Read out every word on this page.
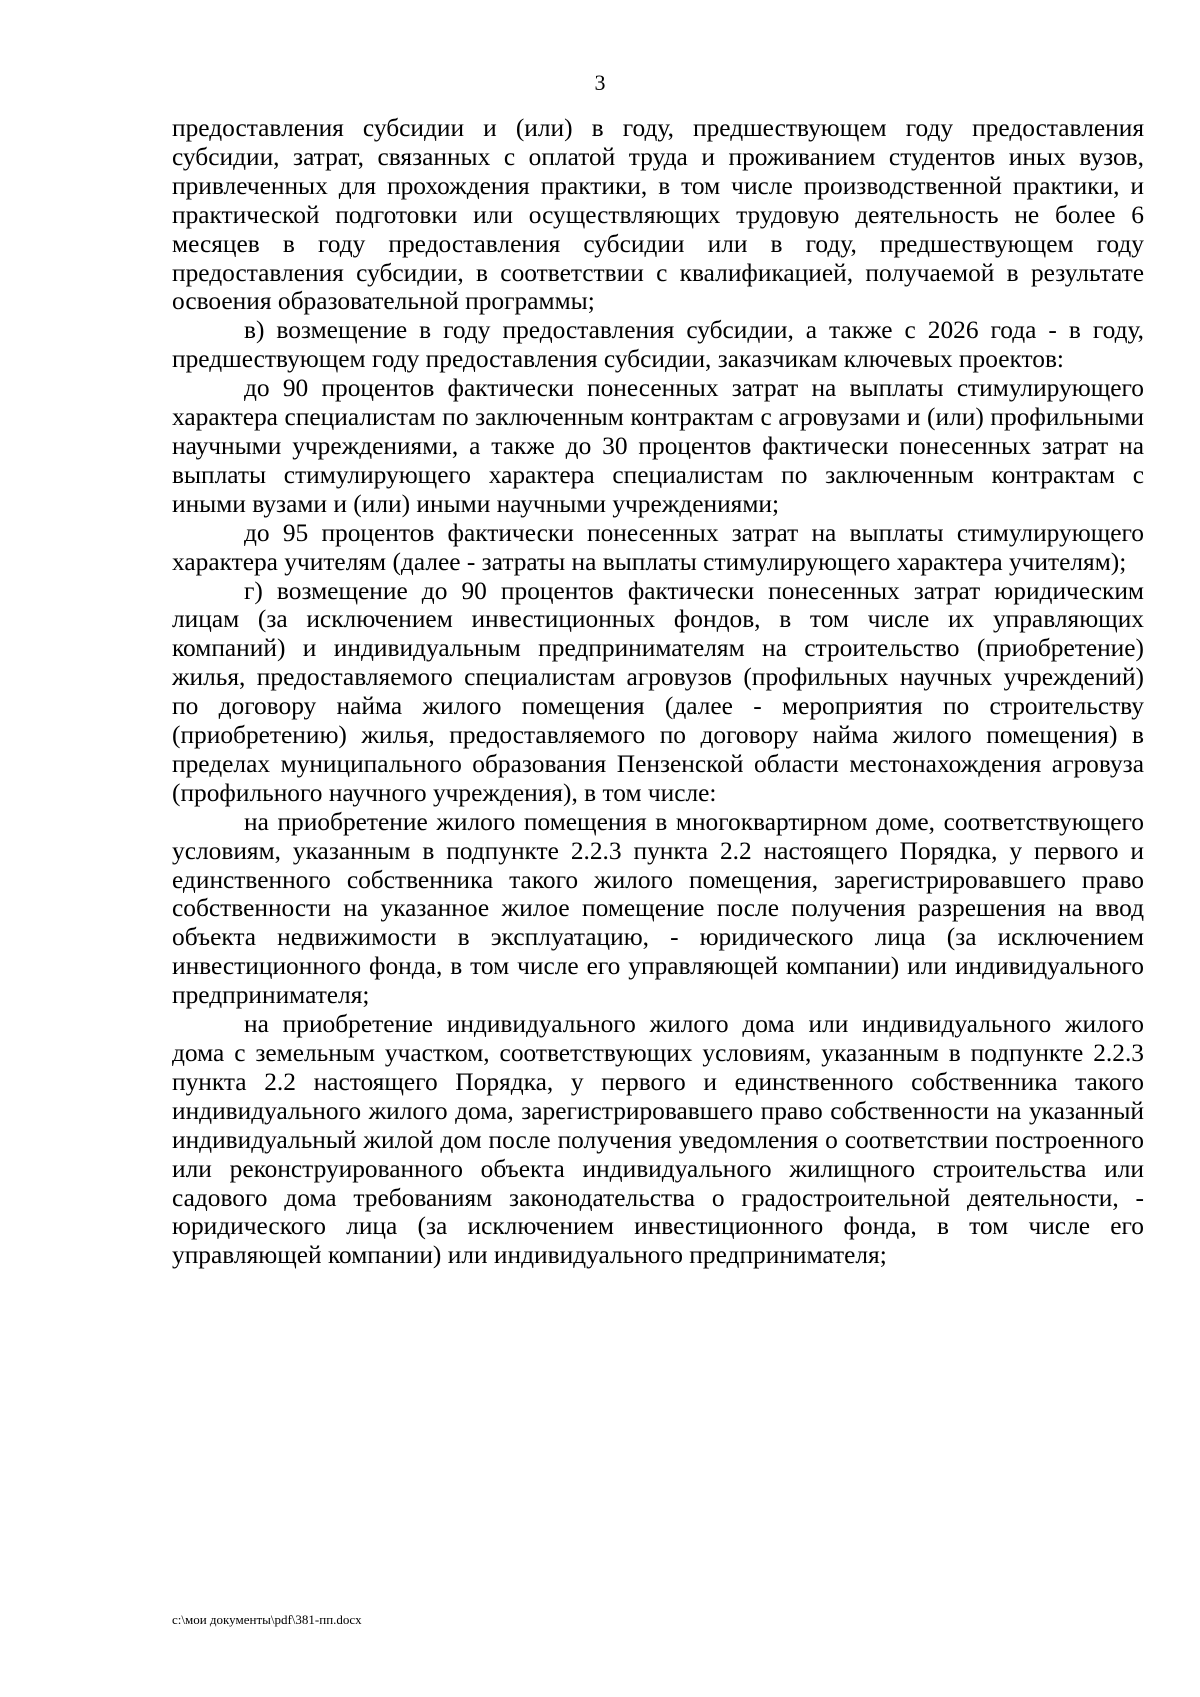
3

предоставления субсидии и (или) в году, предшествующем году предоставления субсидии, затрат, связанных с оплатой труда и проживанием студентов иных вузов, привлеченных для прохождения практики, в том числе производственной практики, и практической подготовки или осуществляющих трудовую деятельность не более 6 месяцев в году предоставления субсидии или в году, предшествующем году предоставления субсидии, в соответствии с квалификацией, получаемой в результате освоения образовательной программы;

в) возмещение в году предоставления субсидии, а также с 2026 года - в году, предшествующем году предоставления субсидии, заказчикам ключевых проектов:

до 90 процентов фактически понесенных затрат на выплаты стимулирующего характера специалистам по заключенным контрактам с агровузами и (или) профильными научными учреждениями, а также до 30 процентов фактически понесенных затрат на выплаты стимулирующего характера специалистам по заключенным контрактам с иными вузами и (или) иными научными учреждениями;

до 95 процентов фактически понесенных затрат на выплаты стимулирующего характера учителям (далее - затраты на выплаты стимулирующего характера учителям);

г) возмещение до 90 процентов фактически понесенных затрат юридическим лицам (за исключением инвестиционных фондов, в том числе их управляющих компаний) и индивидуальным предпринимателям на строительство (приобретение) жилья, предоставляемого специалистам агровузов (профильных научных учреждений) по договору найма жилого помещения (далее - мероприятия по строительству (приобретению) жилья, предоставляемого по договору найма жилого помещения) в пределах муниципального образования Пензенской области местонахождения агровуза (профильного научного учреждения), в том числе:

на приобретение жилого помещения в многоквартирном доме, соответствующего условиям, указанным в подпункте 2.2.3 пункта 2.2 настоящего Порядка, у первого и единственного собственника такого жилого помещения, зарегистрировавшего право собственности на указанное жилое помещение после получения разрешения на ввод объекта недвижимости в эксплуатацию, - юридического лица (за исключением инвестиционного фонда, в том числе его управляющей компании) или индивидуального предпринимателя;

на приобретение индивидуального жилого дома или индивидуального жилого дома с земельным участком, соответствующих условиям, указанным в подпункте 2.2.3 пункта 2.2 настоящего Порядка, у первого и единственного собственника такого индивидуального жилого дома, зарегистрировавшего право собственности на указанный индивидуальный жилой дом после получения уведомления о соответствии построенного или реконструированного объекта индивидуального жилищного строительства или садового дома требованиям законодательства о градостроительной деятельности, - юридического лица (за исключением инвестиционного фонда, в том числе его управляющей компании) или индивидуального предпринимателя;

c:\мои документы\pdf\381-пп.docx
